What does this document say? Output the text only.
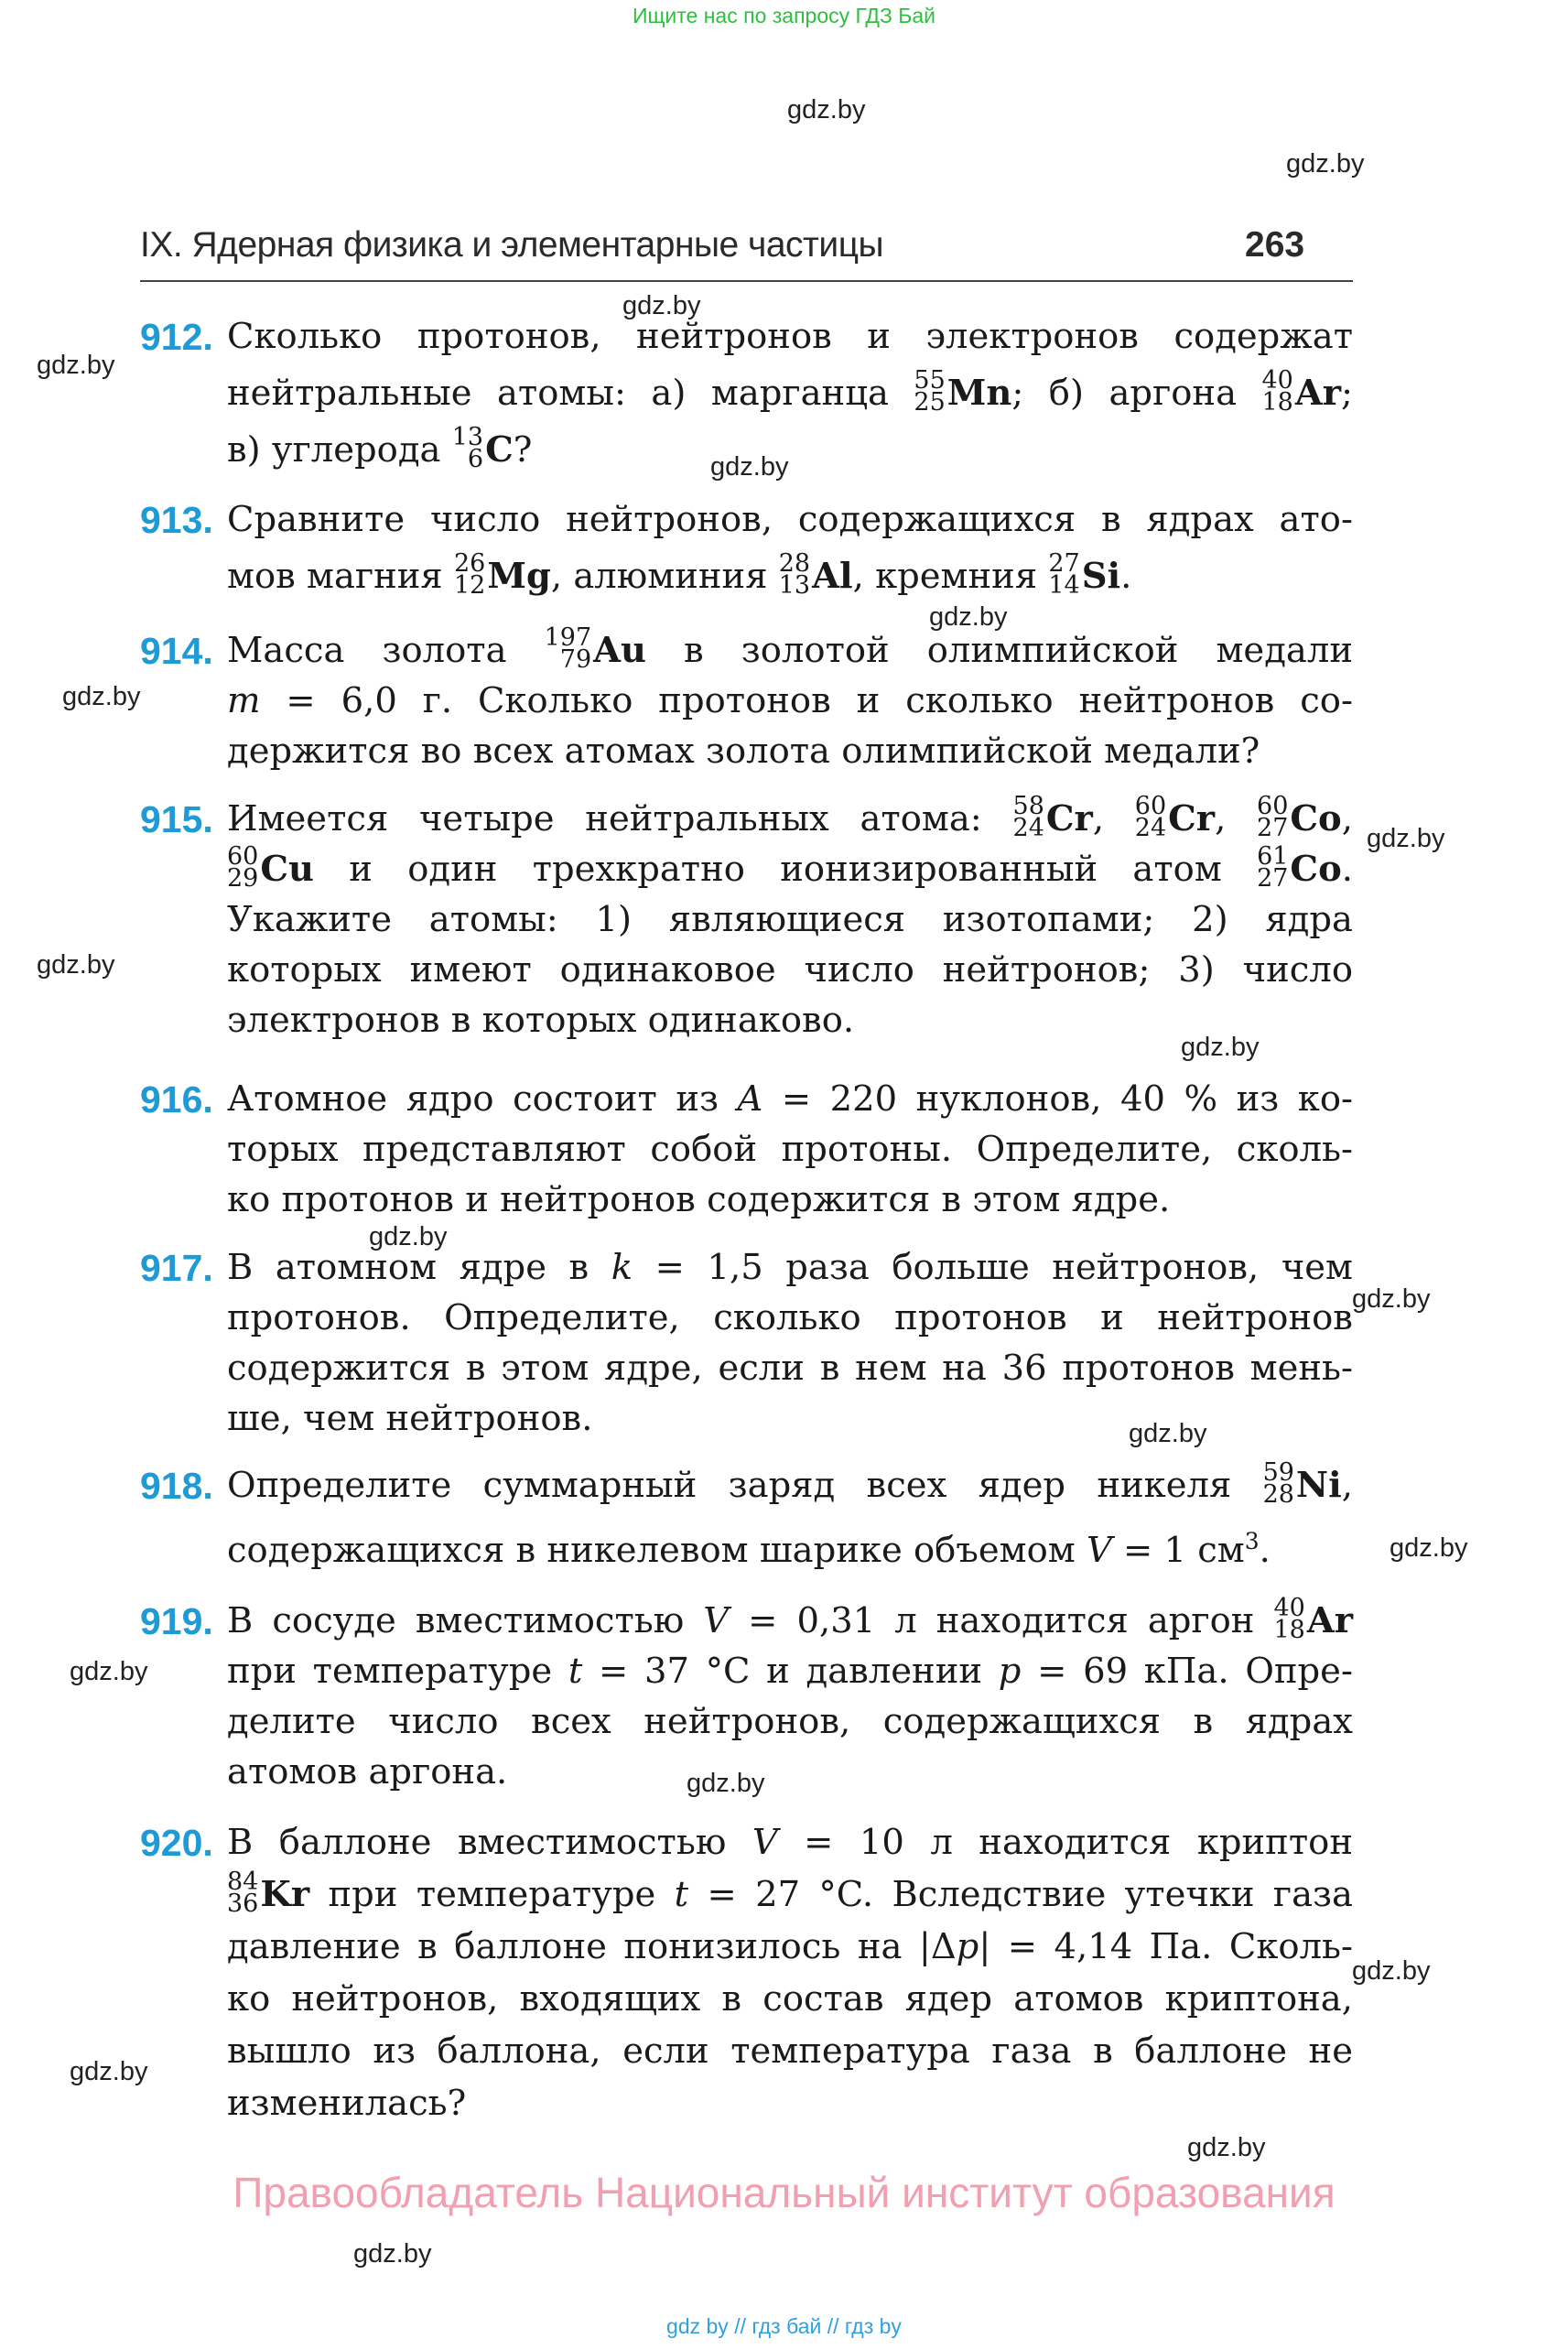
Ищите нас по запросу ГДЗ Бай
gdz.by
gdz.by
gdz.by
gdz.by
gdz.by
gdz.by
gdz.by
gdz.by
gdz.by
gdz.by
gdz.by
gdz.by
gdz.by
gdz.by
gdz.by
gdz.by
gdz.by
gdz.by
gdz.by
gdz.by
IX. Ядерная физика и элементарные частицы	263
912. Сколько протонов, нейтронов и электронов содержат
нейтральные атомы: а) марганца 55
25 Mn; б) аргона 40
18 Ar;
в) углерода 13
6 C?
913. Сравните число нейтронов, содержащихся в ядрах ато-
мов магния 26
12 Mg, алюминия 28
13 Al, кремния 27
14 Si.
914. Масса золота 197
79 Au в золотой олимпийской медали
m = 6,0 г. Сколько протонов и сколько нейтронов со-
держится во всех атомах золота олимпийской медали?
915. Имеется четыре нейтральных атома: 58
24 Cr, 60
24 Cr, 60
27 Co,
60
29 Cu и один трехкратно ионизированный атом 61
27 Co.
Укажите атомы: 1) являющиеся изотопами; 2) ядра
которых имеют одинаковое число нейтронов; 3) число
электронов в которых одинаково.
916. Атомное ядро состоит из A = 220 нуклонов, 40 % из ко-
торых представляют собой протоны. Определите, сколь-
ко протонов и нейтронов содержится в этом ядре.
917. В атомном ядре в k = 1,5 раза больше нейтронов, чем
протонов. Определите, сколько протонов и нейтронов
содержится в этом ядре, если в нем на 36 протонов мень-
ше, чем нейтронов.
918. Определите суммарный заряд всех ядер никеля 59
28 Ni,
содержащихся в никелевом шарике объемом V = 1 $см^3$.
919. В сосуде вместимостью V = 0,31 л находится аргон 40
18 Ar
при температуре t = 37 °C и давлении p = 69 кПа. Опре-
делите число всех нейтронов, содержащихся в ядрах
атомов аргона.
920. В баллоне вместимостью V = 10 л находится криптон
84
36 Kr при температуре t = 27 °C. Вследствие утечки газа
давление в баллоне понизилось на |Δp| = 4,14 Па. Сколь-
ко нейтронов, входящих в состав ядер атомов криптона,
вышло из баллона, если температура газа в баллоне не
изменилась?
Правообладатель Национальный институт образования
gdz by // гдз бай // гдз by
